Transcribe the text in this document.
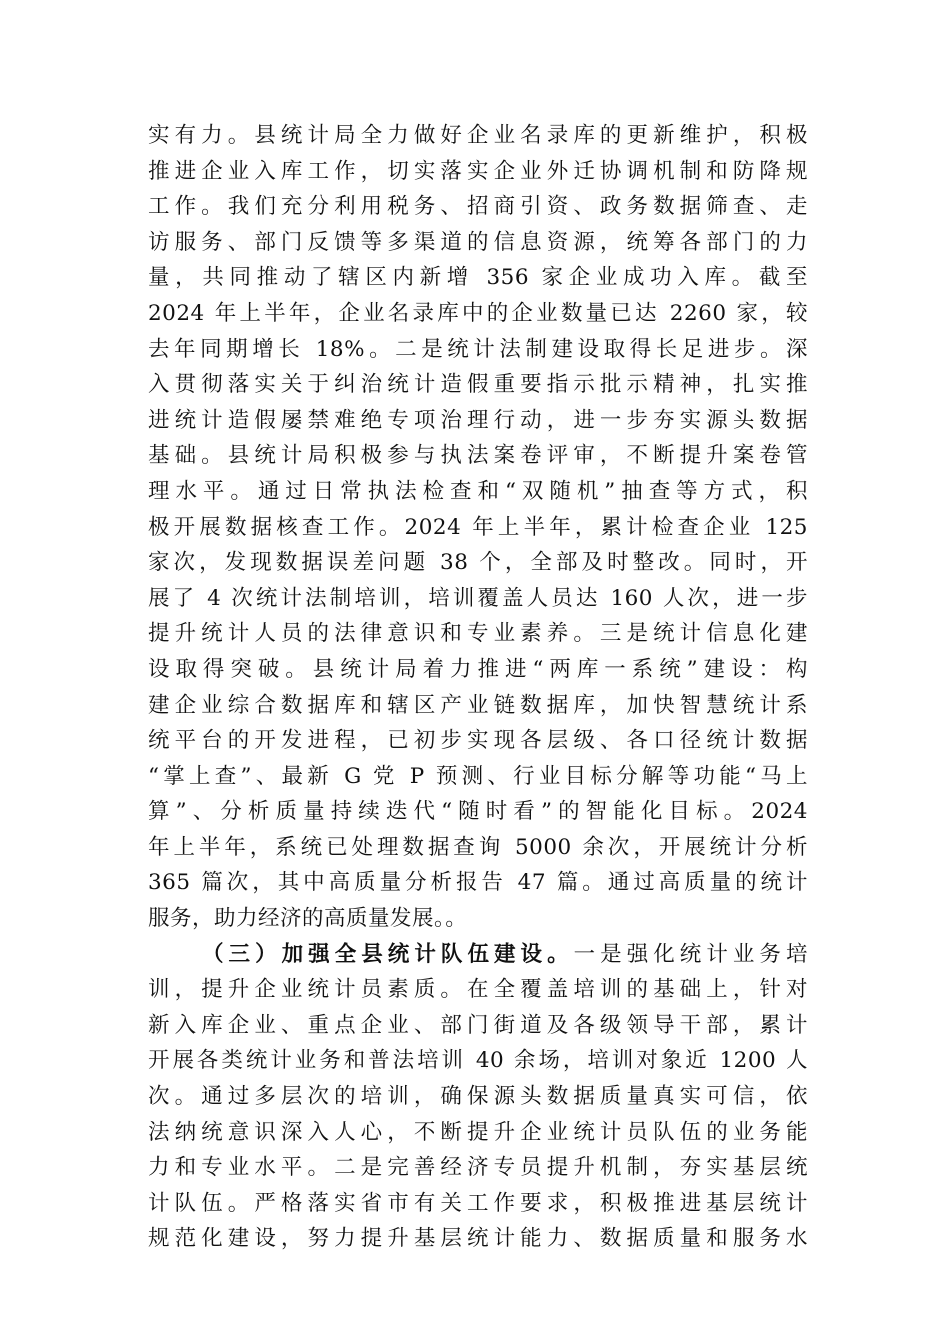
实有力。县统计局全力做好企业名录库的更新维护，积极
推进企业入库工作，切实落实企业外迁协调机制和防降规
工作。我们充分利用税务、招商引资、政务数据筛查、走
访服务、部门反馈等多渠道的信息资源，统筹各部门的力
量，共同推动了辖区内新增 356 家企业成功入库。截至
2024 年上半年，企业名录库中的企业数量已达 2260 家，较
去年同期增长 18%。二是统计法制建设取得长足进步。深
入贯彻落实关于纠治统计造假重要指示批示精神，扎实推
进统计造假屡禁难绝专项治理行动，进一步夯实源头数据
基础。县统计局积极参与执法案卷评审，不断提升案卷管
理水平。通过日常执法检查和“双随机”抽查等方式，积
极开展数据核查工作。2024 年上半年，累计检查企业 125
家次，发现数据误差问题 38 个，全部及时整改。同时，开
展了 4 次统计法制培训，培训覆盖人员达 160 人次，进一步
提升统计人员的法律意识和专业素养。三是统计信息化建
设取得突破。县统计局着力推进“两库一系统”建设：构
建企业综合数据库和辖区产业链数据库，加快智慧统计系
统平台的开发进程，已初步实现各层级、各口径统计数据
“掌上查”、最新 G 党 P 预测、行业目标分解等功能“马上
算”、分析质量持续迭代“随时看”的智能化目标。2024
年上半年，系统已处理数据查询 5000 余次，开展统计分析
365 篇次，其中高质量分析报告 47 篇。通过高质量的统计
服务，助力经济的高质量发展。。
（三）加强全县统计队伍建设。一是强化统计业务培
训，提升企业统计员素质。在全覆盖培训的基础上，针对
新入库企业、重点企业、部门街道及各级领导干部，累计
开展各类统计业务和普法培训 40 余场，培训对象近 1200 人
次。通过多层次的培训，确保源头数据质量真实可信，依
法纳统意识深入人心，不断提升企业统计员队伍的业务能
力和专业水平。二是完善经济专员提升机制，夯实基层统
计队伍。严格落实省市有关工作要求，积极推进基层统计
规范化建设，努力提升基层统计能力、数据质量和服务水
